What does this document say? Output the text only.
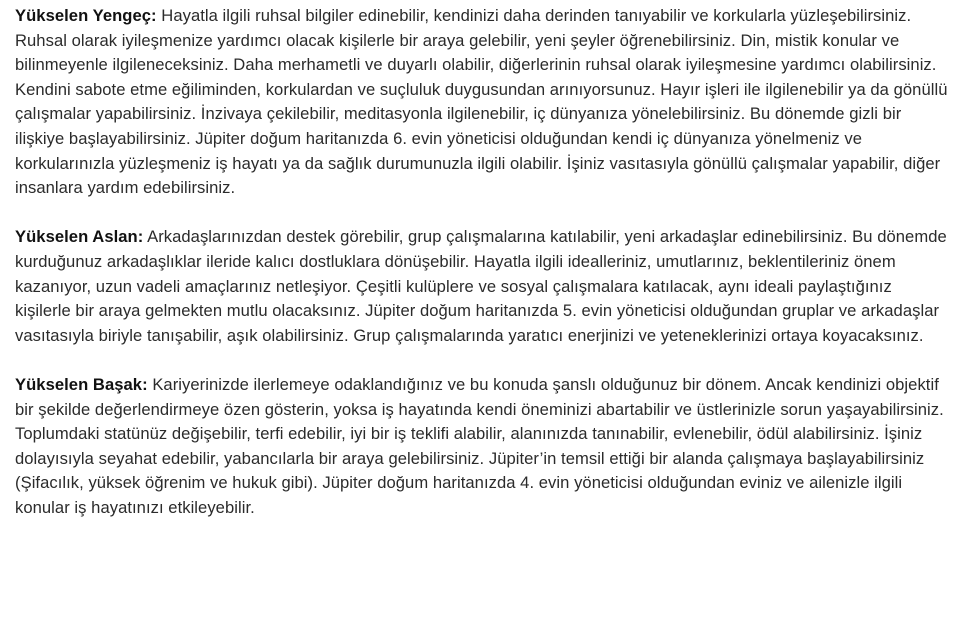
Yükselen Yengeç: Hayatla ilgili ruhsal bilgiler edinebilir, kendinizi daha derinden tanıyabilir ve korkularla yüzleşebilirsiniz. Ruhsal olarak iyileşmenize yardımcı olacak kişilerle bir araya gelebilir, yeni şeyler öğrenebilirsiniz. Din, mistik konular ve bilinmeyenle ilgileneceksiniz. Daha merhametli ve duyarlı olabilir, diğerlerinin ruhsal olarak iyileşmesine yardımcı olabilirsiniz. Kendini sabote etme eğiliminden, korkulardan ve suçluluk duygusundan arınıyorsunuz. Hayır işleri ile ilgilenebilir ya da gönüllü çalışmalar yapabilirsiniz. İnzivaya çekilebilir, meditasyonla ilgilenebilir, iç dünyanıza yönelebilirsiniz. Bu dönemde gizli bir ilişkiye başlayabilirsiniz. Jüpiter doğum haritanızda 6. evin yöneticisi olduğundan kendi iç dünyanıza yönelmeniz ve korkularınızla yüzleşmeniz iş hayatı ya da sağlık durumunuzla ilgili olabilir. İşiniz vasıtasıyla gönüllü çalışmalar yapabilir, diğer insanlara yardım edebilirsiniz.

Yükselen Aslan: Arkadaşlarınızdan destek görebilir, grup çalışmalarına katılabilir, yeni arkadaşlar edinebilirsiniz. Bu dönemde kurduğunuz arkadaşlıklar ileride kalıcı dostluklara dönüşebilir. Hayatla ilgili idealleriniz, umutlarınız, beklentileriniz önem kazanıyor, uzun vadeli amaçlarınız netleşiyor. Çeşitli kulüplere ve sosyal çalışmalara katılacak, aynı ideali paylaştığınız kişilerle bir araya gelmekten mutlu olacaksınız. Jüpiter doğum haritanızda 5. evin yöneticisi olduğundan gruplar ve arkadaşlar vasıtasıyla biriyle tanışabilir, aşık olabilirsiniz. Grup çalışmalarında yaratıcı enerjinizi ve yeteneklerinizi ortaya koyacaksınız.

Yükselen Başak: Kariyerinizde ilerlemeye odaklandığınız ve bu konuda şanslı olduğunuz bir dönem. Ancak kendinizi objektif bir şekilde değerlendirmeye özen gösterin, yoksa iş hayatında kendi öneminizi abartabilir ve üstlerinizle sorun yaşayabilirsiniz. Toplumdaki statünüz değişebilir, terfi edebilir, iyi bir iş teklifi alabilir, alanınızda tanınabilir, evlenebilir, ödül alabilirsiniz. İşiniz dolayısıyla seyahat edebilir, yabancılarla bir araya gelebilirsiniz. Jüpiter’in temsil ettiği bir alanda çalışmaya başlayabilirsiniz (Şifacılık, yüksek öğrenim ve hukuk gibi). Jüpiter doğum haritanızda 4. evin yöneticisi olduğundan eviniz ve ailenizle ilgili konular iş hayatınızı etkileyebilir.
